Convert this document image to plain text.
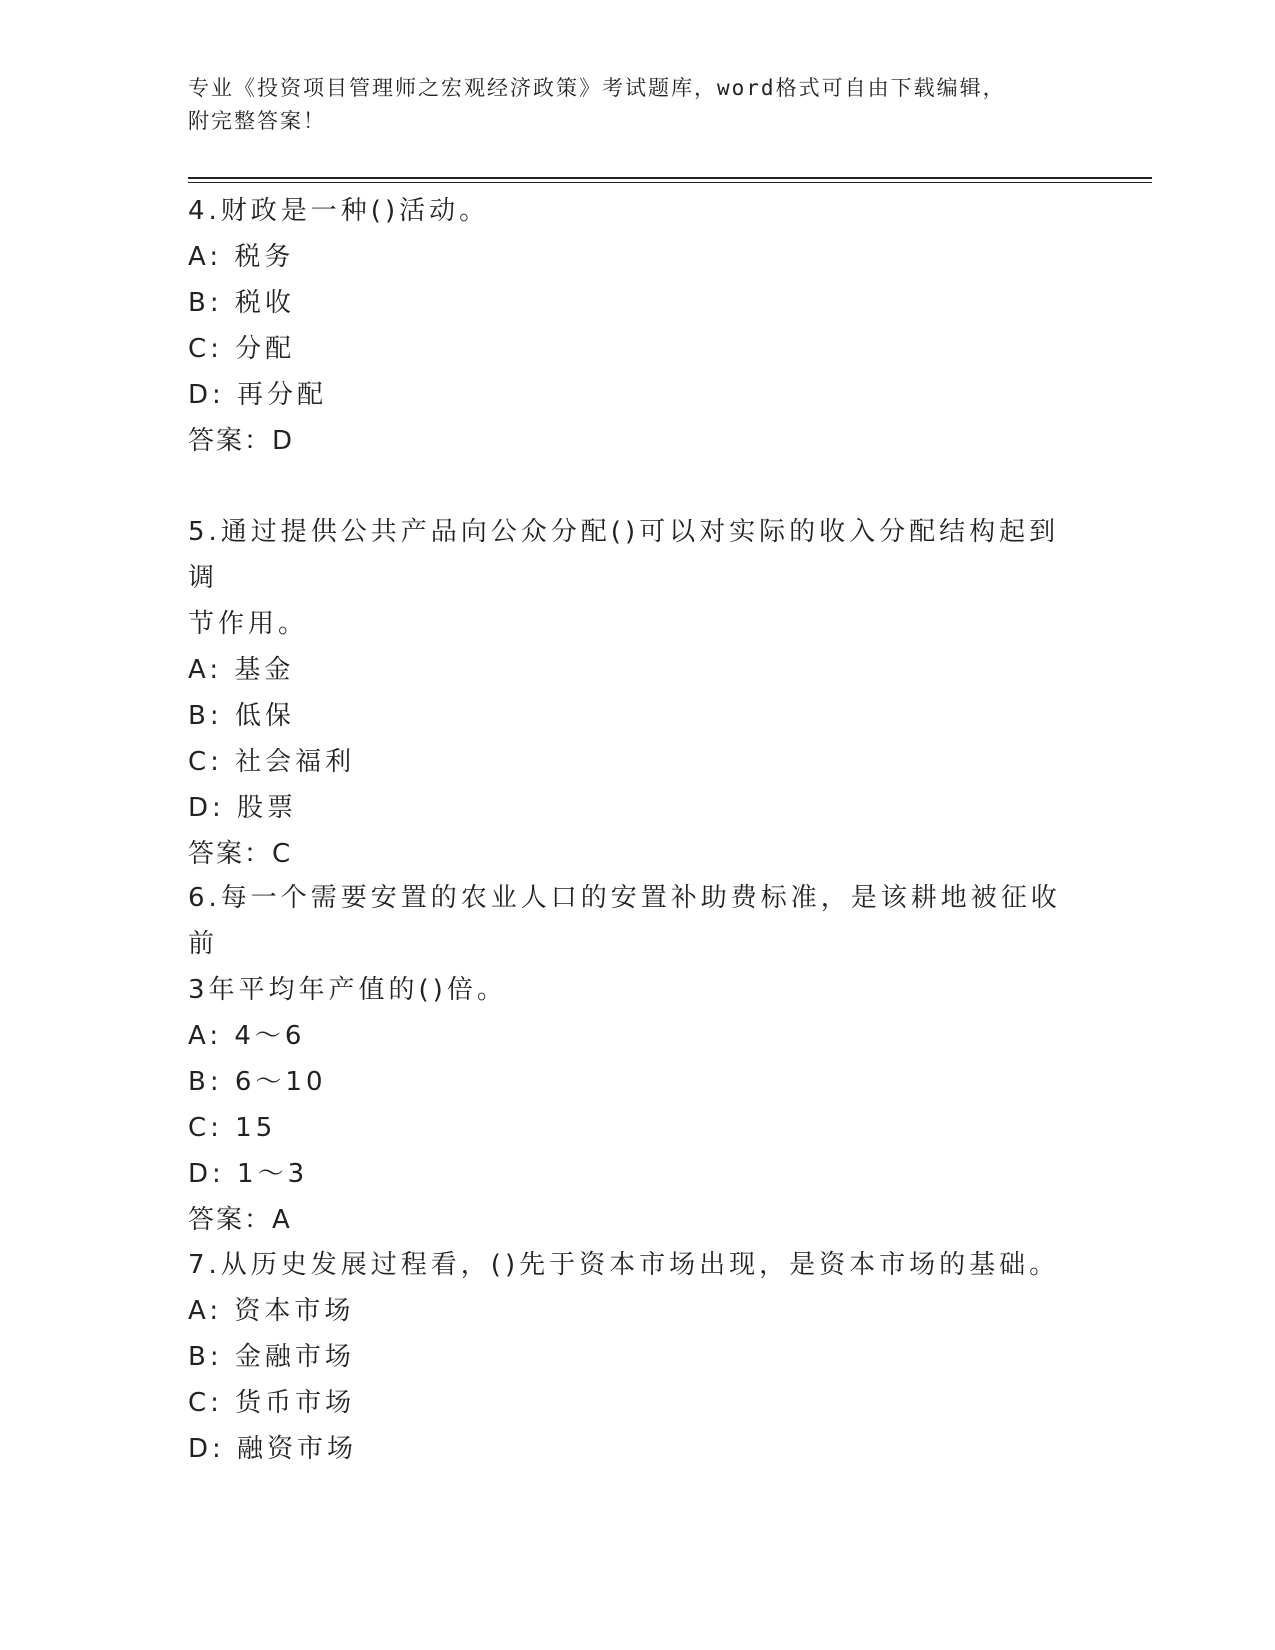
专业《投资项目管理师之宏观经济政策》考试题库，word格式可自由下载编辑，
附完整答案！

4.财政是一种()活动。

A: 税务

B: 税收

C: 分配

D: 再分配

答案：D

5.通过提供公共产品向公众分配()可以对实际的收入分配结构起到调

节作用。

A: 基金

B: 低保

C: 社会福利

D: 股票

答案：C

6.每一个需要安置的农业人口的安置补助费标准，是该耕地被征收前

3年平均年产值的()倍。

A: 4～6

B: 6～10

C: 15

D: 1～3

答案：A

7.从历史发展过程看，()先于资本市场出现，是资本市场的基础。

A: 资本市场

B: 金融市场

C: 货币市场

D: 融资市场
